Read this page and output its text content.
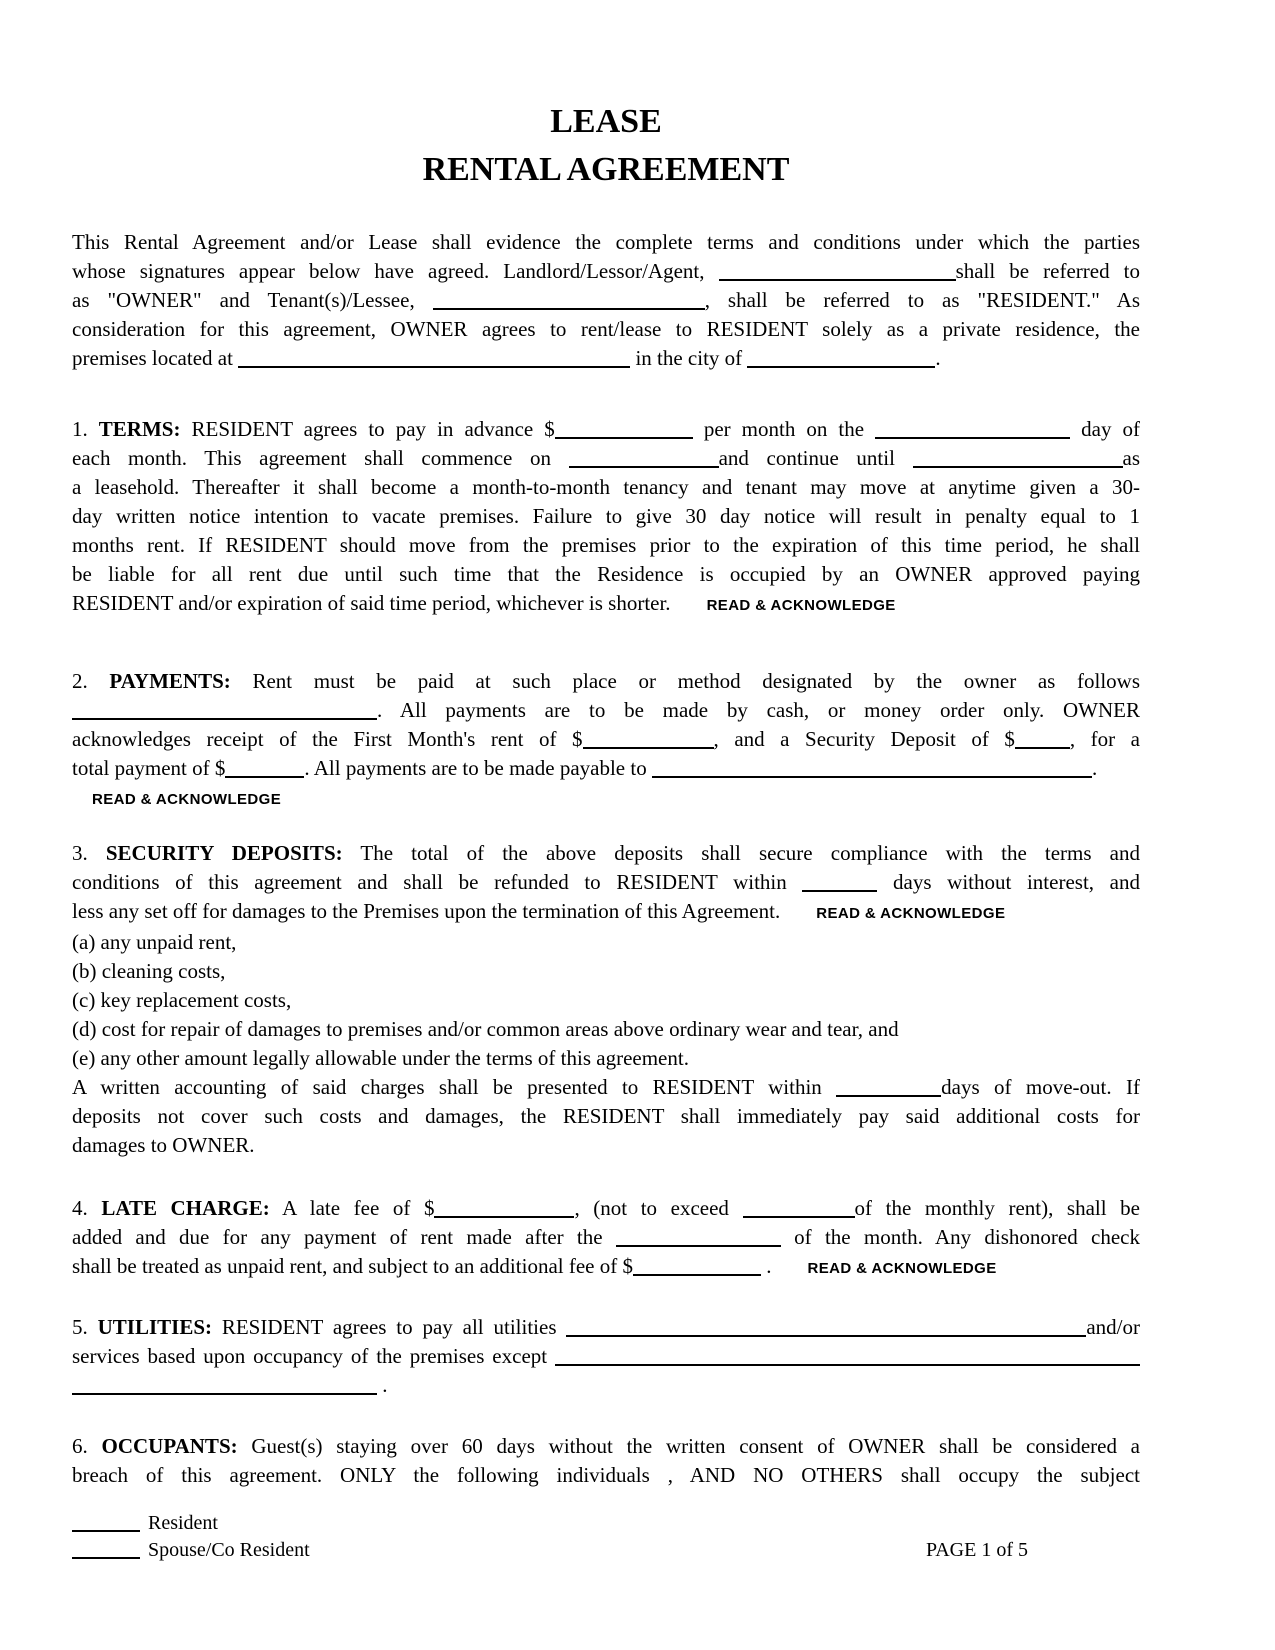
LEASE
RENTAL AGREEMENT
This Rental Agreement and/or Lease shall evidence the complete terms and conditions under which the parties
whose signatures appear below have agreed. Landlord/Lessor/Agent,	shall be referred to
as "OWNER" and Tenant(s)/Lessee,	, shall be referred to as "RESIDENT." As
consideration for this agreement, OWNER agrees to rent/lease to RESIDENT solely as a private residence, the
premises located at	in the city of	.
1. TERMS: RESIDENT agrees to pay in advance $	per month on the	day of
each month. This agreement shall commence on	and continue until	as
a leasehold. Thereafter it shall become a month-to-month tenancy and tenant may move at anytime given a 30-
day written notice intention to vacate premises. Failure to give 30 day notice will result in penalty equal to 1
months rent. If RESIDENT should move from the premises prior to the expiration of this time period, he shall
be liable for all rent due until such time that the Residence is occupied by an OWNER approved paying
RESIDENT and/or expiration of said time period, whichever is shorter. READ & ACKNOWLEDGE
2. PAYMENTS: Rent must be paid at such place or method designated by the owner as follows
. All payments are to be made by cash, or money order only. OWNER
acknowledges receipt of the First Month's rent of $	, and a Security Deposit of $	, for a
total payment of $	. All payments are to be made payable to	.
READ & ACKNOWLEDGE
3. SECURITY DEPOSITS: The total of the above deposits shall secure compliance with the terms and
conditions of this agreement and shall be refunded to RESIDENT within	days without interest, and
less any set off for damages to the Premises upon the termination of this Agreement. READ & ACKNOWLEDGE
(a) any unpaid rent,
(b) cleaning costs,
(c) key replacement costs,
(d) cost for repair of damages to premises and/or common areas above ordinary wear and tear, and
(e) any other amount legally allowable under the terms of this agreement.
A written accounting of said charges shall be presented to RESIDENT within	days of move-out. If
deposits not cover such costs and damages, the RESIDENT shall immediately pay said additional costs for
damages to OWNER.
4. LATE CHARGE: A late fee of $	, (not to exceed	of the monthly rent), shall be
added and due for any payment of rent made after the	of the month. Any dishonored check
shall be treated as unpaid rent, and subject to an additional fee of $	. READ & ACKNOWLEDGE
5. UTILITIES: RESIDENT agrees to pay all utilities	and/or
services based upon occupancy of the premises except
.
6. OCCUPANTS: Guest(s) staying over 60 days without the written consent of OWNER shall be considered a
breach of this agreement. ONLY the following individuals , AND NO OTHERS shall occupy the subject
Resident
Spouse/Co Resident	PAGE 1 of 5
